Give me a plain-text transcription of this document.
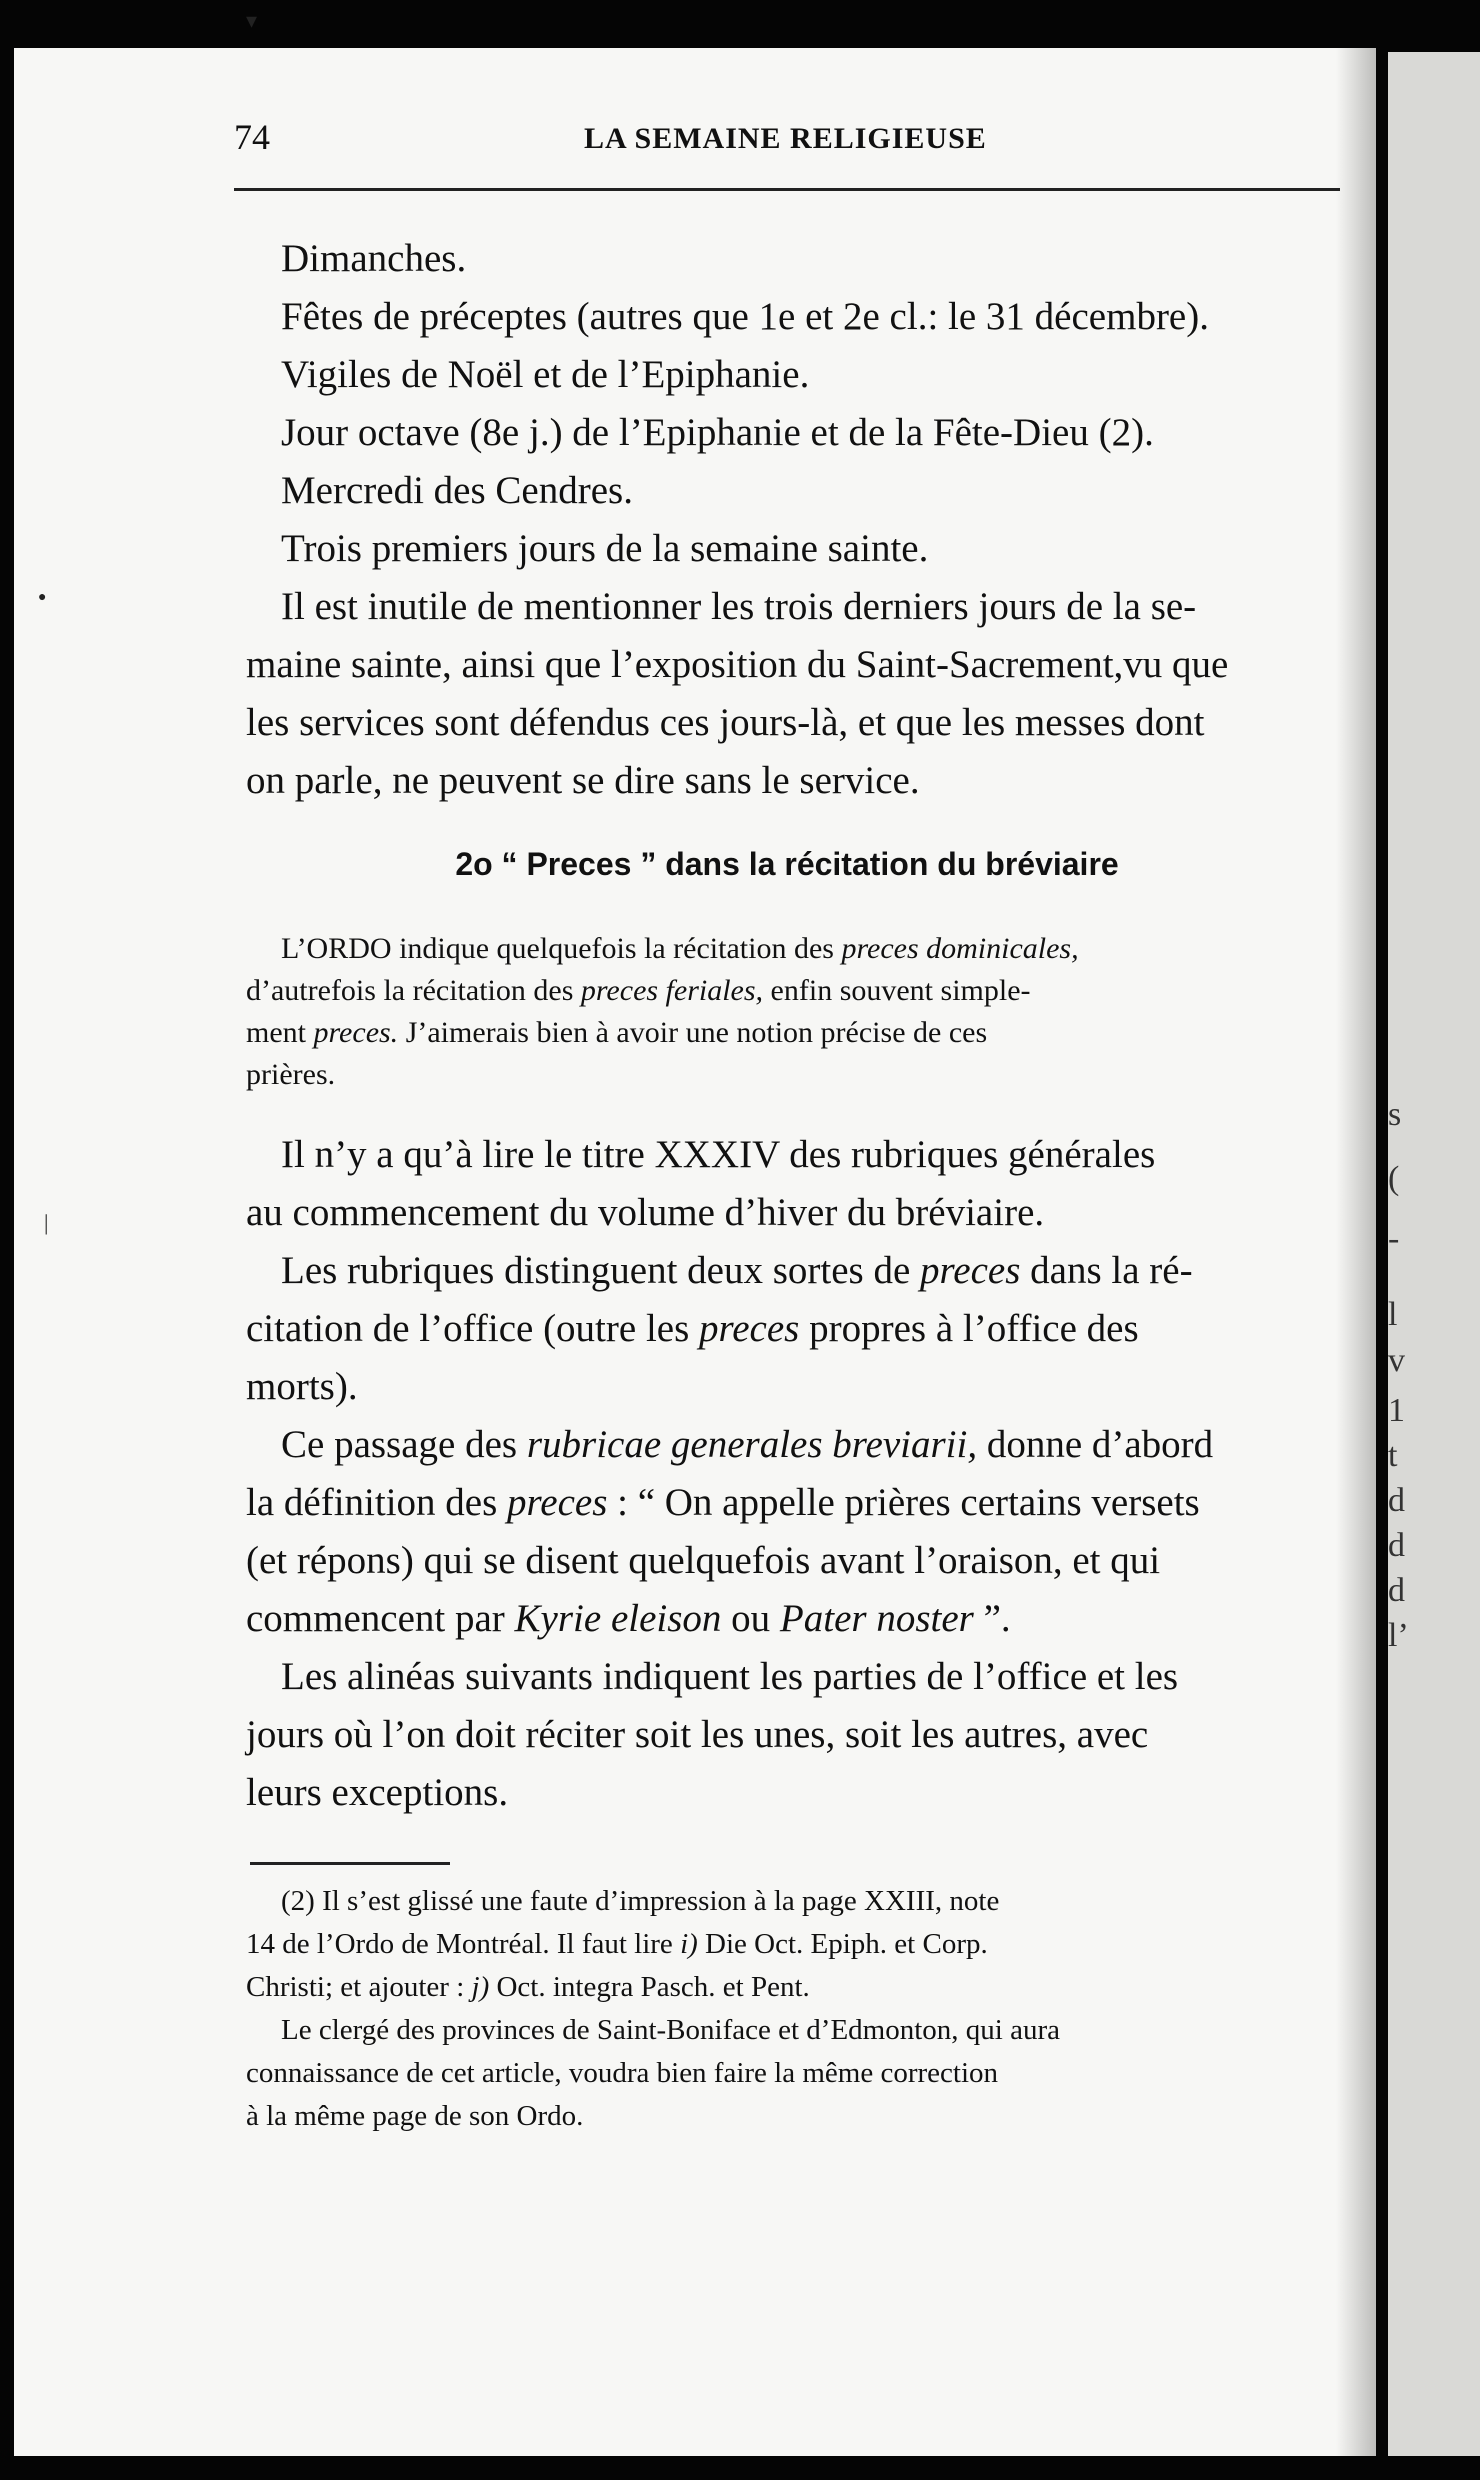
s
(
-
l
v
1
t
d
d
d
l’
▾
●
|
74	LA SEMAINE RELIGIEUSE
Dimanches.
Fêtes de préceptes (autres que 1e et 2e cl.: le 31 décembre).
Vigiles de Noël et de l’Epiphanie.
Jour octave (8e j.) de l’Epiphanie et de la Fête-Dieu (2).
Mercredi des Cendres.
Trois premiers jours de la semaine sainte.
Il est inutile de mentionner les trois derniers jours de la se-
maine sainte, ainsi que l’exposition du Saint-Sacrement,vu que
les services sont défendus ces jours-là, et que les messes dont
on parle, ne peuvent se dire sans le service.
2o “ Preces ” dans la récitation du bréviaire
L’ORDO indique quelquefois la récitation des preces dominicales,
d’autrefois la récitation des preces feriales, enfin souvent simple-
ment preces. J’aimerais bien à avoir une notion précise de ces
prières.
Il n’y a qu’à lire le titre XXXIV des rubriques générales
au commencement du volume d’hiver du bréviaire.
Les rubriques distinguent deux sortes de preces dans la ré-
citation de l’office (outre les preces propres à l’office des
morts).
Ce passage des rubricae generales breviarii, donne d’abord
la définition des preces : “ On appelle prières certains versets
(et répons) qui se disent quelquefois avant l’oraison, et qui
commencent par Kyrie eleison ou Pater noster ”.
Les alinéas suivants indiquent les parties de l’office et les
jours où l’on doit réciter soit les unes, soit les autres, avec
leurs exceptions.
(2) Il s’est glissé une faute d’impression à la page XXIII, note
14 de l’Ordo de Montréal. Il faut lire i) Die Oct. Epiph. et Corp.
Christi; et ajouter : j) Oct. integra Pasch. et Pent.
Le clergé des provinces de Saint-Boniface et d’Edmonton, qui aura
connaissance de cet article, voudra bien faire la même correction
à la même page de son Ordo.
